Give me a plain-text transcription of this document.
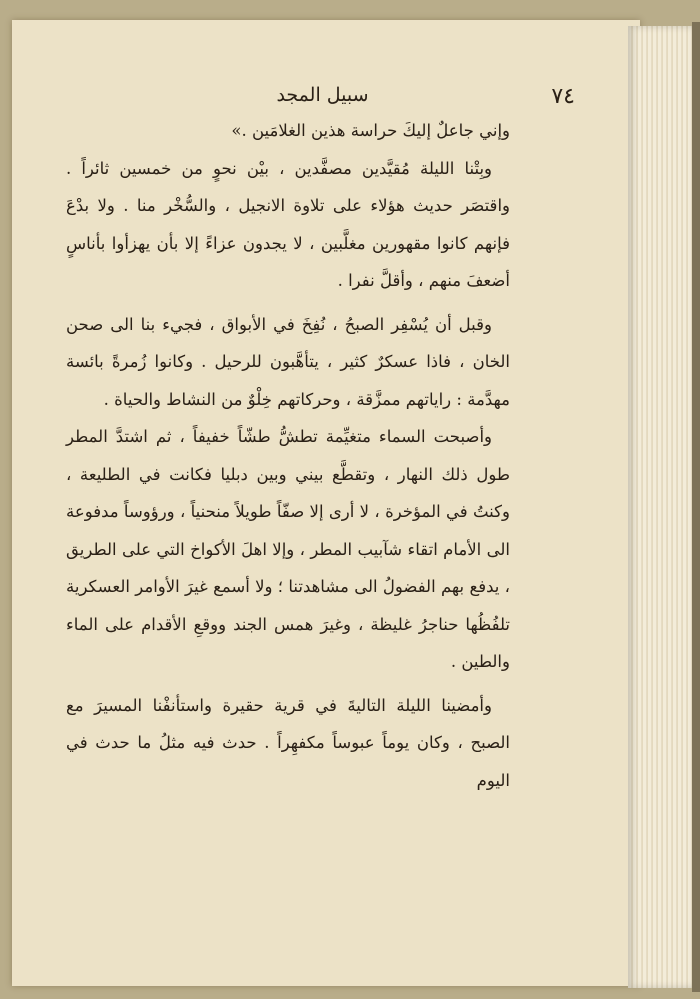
٧٤
سبيل المجد

وإني جاعلٌ إليكَ حراسة هذين الغلامَين .»

وبِتْنا الليلة مُقيَّدين مصفَّدين ، بيْن نحوٍ من خمسين ثائراً . واقتصَر حديث هؤلاء على تلاوة الانجيل ، والسُّخْر منا . ولا بدْعَ فإنهم كانوا مقهورين مغلَّبين ، لا يجدون عزاءً إلا بأن يهزأوا بأناسٍ أضعفَ منهم ، وأقلَّ نفرا .

وقبل أن يُسْفِر الصبحُ ، نُفِخَ في الأبواق ، فجيء بنا الى صحن الخان ، فاذا عسكرٌ كثير ، يتأهَّبون للرحيل . وكانوا زُمرةً بائسة مهدَّمة : راياتهم ممزَّقة ، وحركاتهم خِلْوٌ من النشاط والحياة .

وأصبحت السماء متغيِّمة تطشُّ طشّاً خفيفاً ، ثم اشتدَّ المطر طول ذلك النهار ، وتقطَّع بيني وبين دبليا فكانت في الطليعة ، وكنتُ في المؤخرة ، لا أرى إلا صفّاً طويلاً منحنياً ، ورؤوساً مدفوعة الى الأمام اتقاء شآبيب المطر ، وإلا اهلَ الأكواخ التي على الطريق ، يدفع بهم الفضولُ الى مشاهدتنا ؛ ولا أسمع غيرَ الأوامر العسكرية تلفُظُها حناجرُ غليظة ، وغيرَ همس الجند ووقعِ الأقدام على الماء والطين .

وأمضينا الليلة التاليةَ في قرية حقيرة واستأنفْنا المسيرَ مع الصبح ، وكان يوماً عبوساً مكفهِراً . حدث فيه مثلُ ما حدث في اليوم
